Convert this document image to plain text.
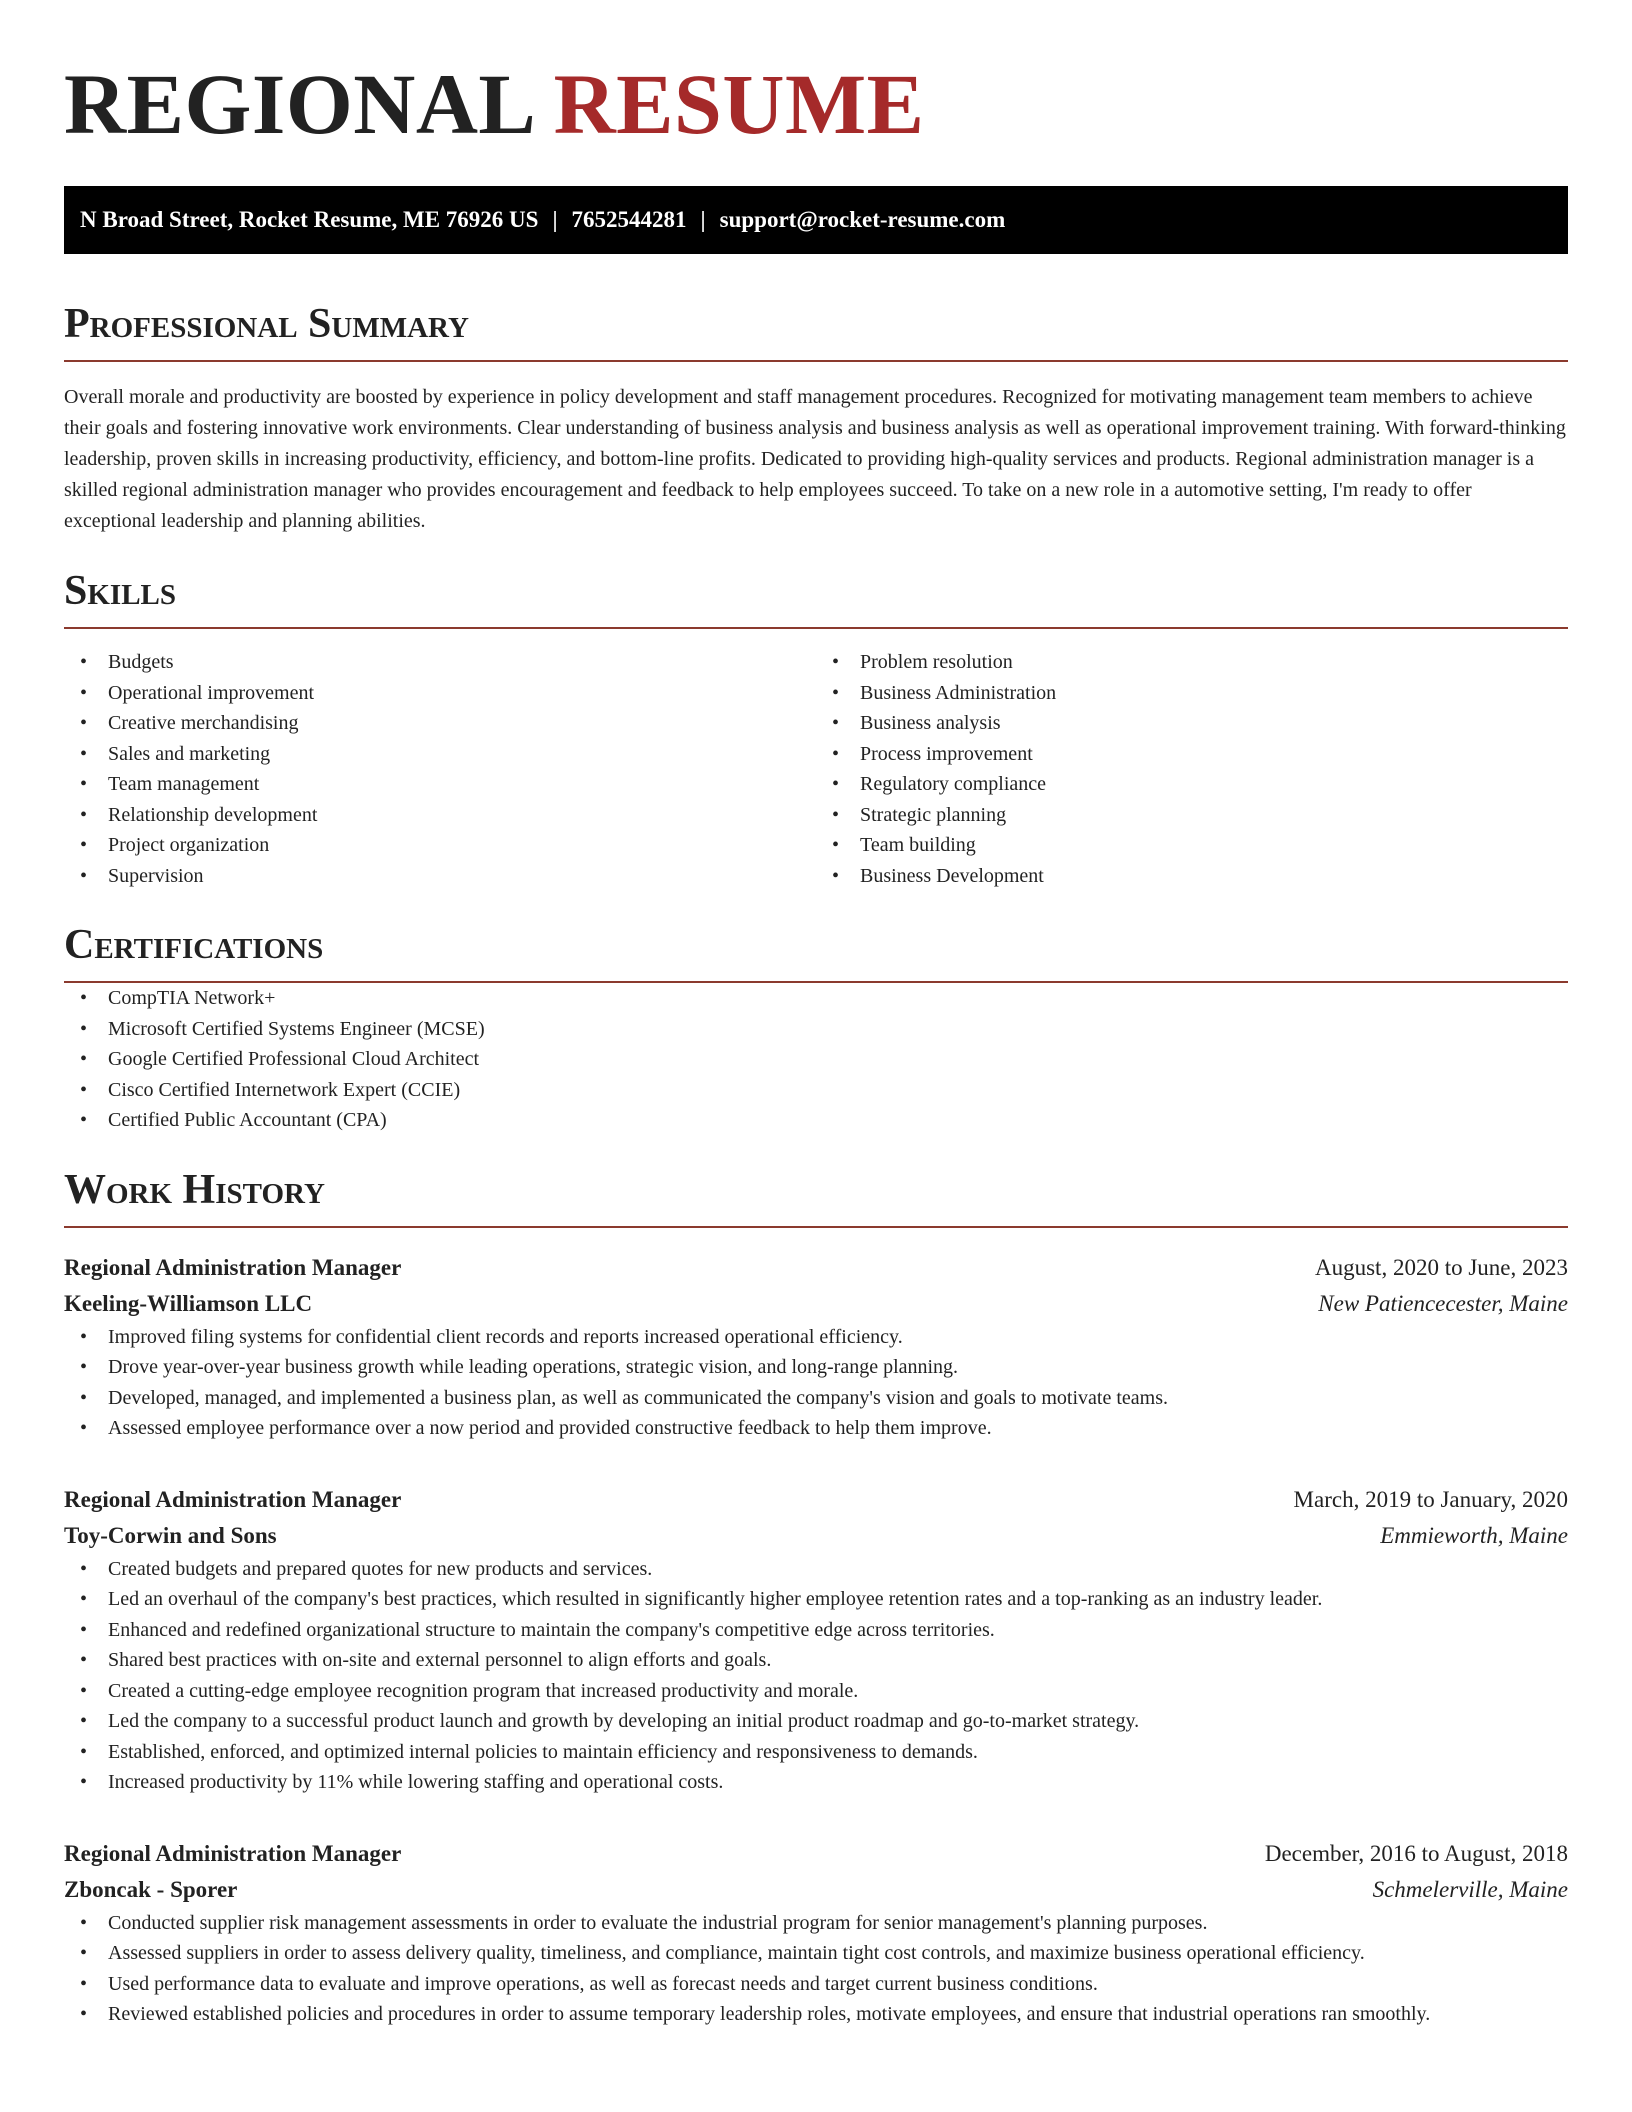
REGIONAL RESUME
N Broad Street, Rocket Resume, ME 76926 US | 7652544281 | support@rocket-resume.com
Professional Summary

Overall morale and productivity are boosted by experience in policy development and staff management procedures. Recognized for motivating management team members to achieve their goals and fostering innovative work environments. Clear understanding of business analysis and business analysis as well as operational improvement training. With forward-thinking leadership, proven skills in increasing productivity, efficiency, and bottom-line profits. Dedicated to providing high-quality services and products. Regional administration manager is a skilled regional administration manager who provides encouragement and feedback to help employees succeed. To take on a new role in a automotive setting, I'm ready to offer exceptional leadership and planning abilities.

Skills
• Budgets
• Operational improvement
• Creative merchandising
• Sales and marketing
• Team management
• Relationship development
• Project organization
• Supervision
• Problem resolution
• Business Administration
• Business analysis
• Process improvement
• Regulatory compliance
• Strategic planning
• Team building
• Business Development
Certifications
• CompTIA Network+
• Microsoft Certified Systems Engineer (MCSE)
• Google Certified Professional Cloud Architect
• Cisco Certified Internetwork Expert (CCIE)
• Certified Public Accountant (CPA)
Work History
Regional Administration Manager	August, 2020 to June, 2023
Keeling-Williamson LLC	New Patiencecester, Maine
• Improved filing systems for confidential client records and reports increased operational efficiency.
• Drove year-over-year business growth while leading operations, strategic vision, and long-range planning.
• Developed, managed, and implemented a business plan, as well as communicated the company's vision and goals to motivate teams.
• Assessed employee performance over a now period and provided constructive feedback to help them improve.
Regional Administration Manager	March, 2019 to January, 2020
Toy-Corwin and Sons	Emmieworth, Maine
• Created budgets and prepared quotes for new products and services.
• Led an overhaul of the company's best practices, which resulted in significantly higher employee retention rates and a top-ranking as an industry leader.
• Enhanced and redefined organizational structure to maintain the company's competitive edge across territories.
• Shared best practices with on-site and external personnel to align efforts and goals.
• Created a cutting-edge employee recognition program that increased productivity and morale.
• Led the company to a successful product launch and growth by developing an initial product roadmap and go-to-market strategy.
• Established, enforced, and optimized internal policies to maintain efficiency and responsiveness to demands.
• Increased productivity by 11% while lowering staffing and operational costs.
Regional Administration Manager	December, 2016 to August, 2018
Zboncak - Sporer	Schmelerville, Maine
• Conducted supplier risk management assessments in order to evaluate the industrial program for senior management's planning purposes.
• Assessed suppliers in order to assess delivery quality, timeliness, and compliance, maintain tight cost controls, and maximize business operational efficiency.
• Used performance data to evaluate and improve operations, as well as forecast needs and target current business conditions.
• Reviewed established policies and procedures in order to assume temporary leadership roles, motivate employees, and ensure that industrial operations ran smoothly.
